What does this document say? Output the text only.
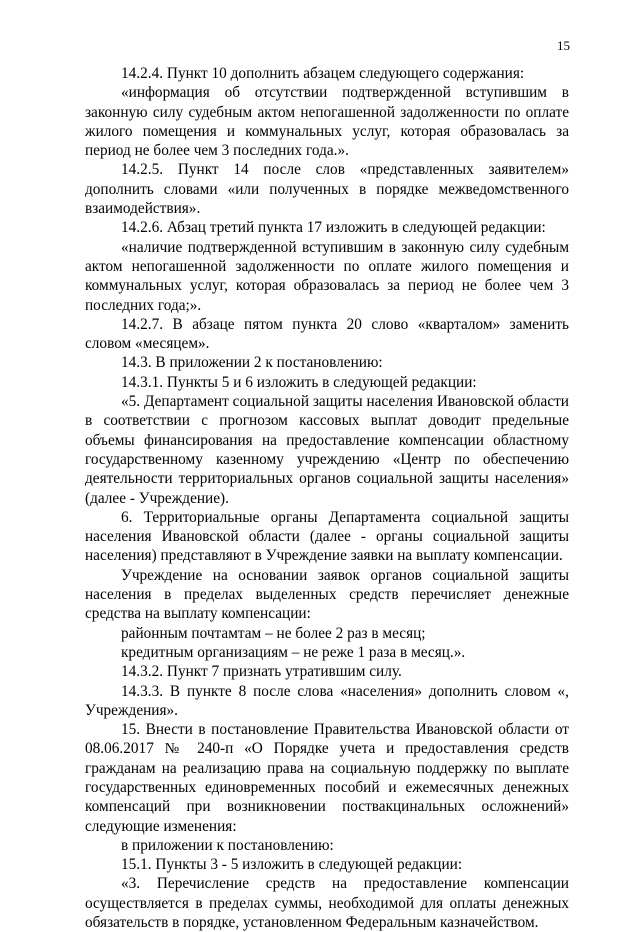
15

14.2.4. Пункт 10 дополнить абзацем следующего содержания:

«информация об отсутствии подтвержденной вступившим в законную силу судебным актом непогашенной задолженности по оплате жилого помещения и коммунальных услуг, которая образовалась за период не более чем 3 последних года.».

14.2.5. Пункт 14 после слов «представленных заявителем» дополнить словами «или полученных в порядке межведомственного взаимодействия».

14.2.6. Абзац третий пункта 17 изложить в следующей редакции:

«наличие подтвержденной вступившим в законную силу судебным актом непогашенной задолженности по оплате жилого помещения и коммунальных услуг, которая образовалась за период не более чем 3 последних года;».

14.2.7. В абзаце пятом пункта 20 слово «кварталом» заменить словом «месяцем».

14.3. В приложении 2 к постановлению:

14.3.1. Пункты 5 и 6 изложить в следующей редакции:

«5. Департамент социальной защиты населения Ивановской области в соответствии с прогнозом кассовых выплат доводит предельные объемы финансирования на предоставление компенсации областному государственному казенному учреждению «Центр по обеспечению деятельности территориальных органов социальной защиты населения» (далее - Учреждение).

6. Территориальные органы Департамента социальной защиты населения Ивановской области (далее - органы социальной защиты населения) представляют в Учреждение заявки на выплату компенсации.

Учреждение на основании заявок органов социальной защиты населения в пределах выделенных средств перечисляет денежные средства на выплату компенсации:

районным почтамтам – не более 2 раз в месяц;

кредитным организациям – не реже 1 раза в месяц.».

14.3.2. Пункт 7 признать утратившим силу.

14.3.3. В пункте 8 после слова «населения» дополнить словом «, Учреждения».

15. Внести в постановление Правительства Ивановской области от 08.06.2017 № 240-п «О Порядке учета и предоставления средств гражданам на реализацию права на социальную поддержку по выплате государственных единовременных пособий и ежемесячных денежных компенсаций при возникновении поствакцинальных осложнений» следующие изменения:

в приложении к постановлению:

15.1. Пункты 3 - 5 изложить в следующей редакции:

«3. Перечисление средств на предоставление компенсации осуществляется в пределах суммы, необходимой для оплаты денежных обязательств в порядке, установленном Федеральным казначейством.
